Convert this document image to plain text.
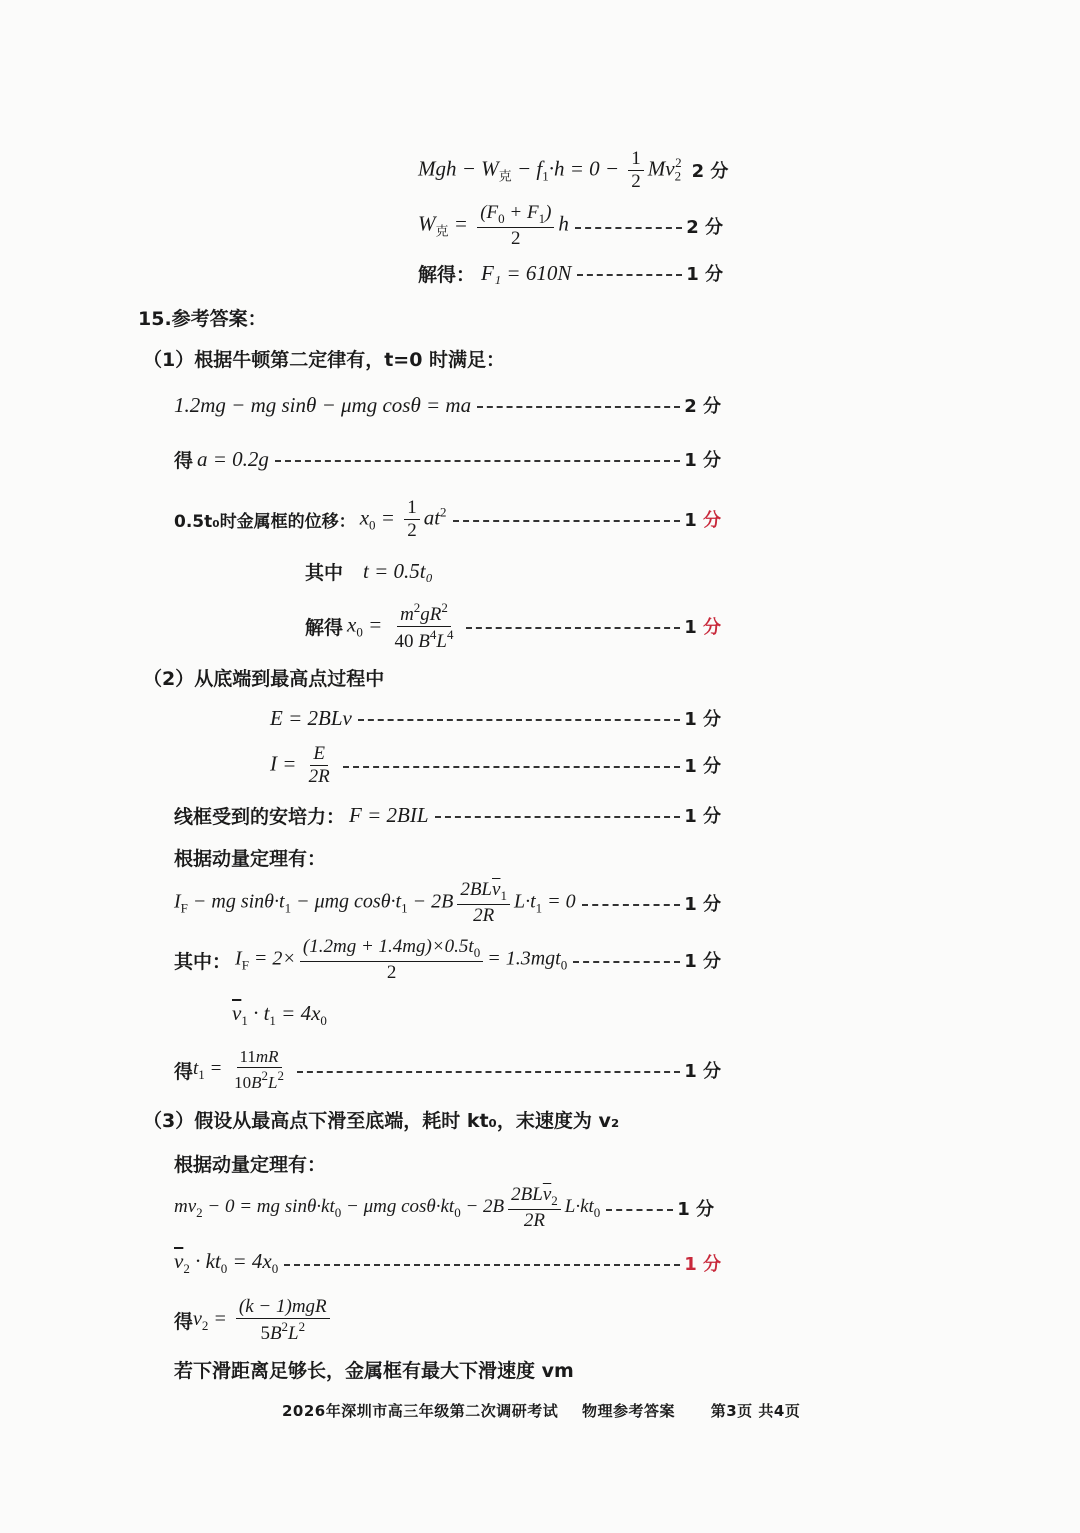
Mgh − $W_克 - f_1\cdot h = 0 - \frac{1}{2} Mv_2^2$ 2 分
$W_克 = \frac{(F_0 + F_1)}{2}$ h	2 分
解得： F₁ = 610N	1 分
15.参考答案：
（1）根据牛顿第二定律有，t=0 时满足：
1.2mg − mg sinθ − μmg cosθ = ma	2 分
得 a = 0.2g	1 分
0.5t₀时金属框的位移： $x_0 = \frac{1}{2} at^2$	1 分
其中 t = 0.5t₀
解得 $x_0 = \frac{m^2gR^2}{40 B^4L^4}$	1 分
（2）从底端到最高点过程中
E = 2BLv	1 分
$I = \frac{E}{2R}$	1 分
线框受到的安培力： F = 2BIL	1 分
根据动量定理有：
$I_F$ − mg $\sin\theta\cdot t_1 - \mu mg$ $\cos\theta\cdot t_1 - 2B \frac{2BL\overline{v}_1}{2R} L\cdot t_1 = 0$	1 分
其中： $I_F = 2\times \frac{(1.2mg + 1.4mg)\times 0.5t_0}{2} = 1.3mgt_0$	1 分
$\overline{v}_1 \cdot t_1 = 4x_0$
得 $t_1 = \frac{11mR}{10B^2L^2}$	1 分
（3）假设从最高点下滑至底端，耗时 kt₀，末速度为 v₂
根据动量定理有：
$mv_2 - 0$ = mg $\sin\theta\cdot kt_0 - \mu mg$ $\cos\theta\cdot kt_0 - 2B \frac{2BL\overline{v}_2}{2R} L\cdot kt_0$	1 分
$\overline{v}_2 \cdot kt_0 = 4x_0$	1 分
得 $v_2 = \frac{\text{(k − 1)mgR}}{5B^2L^2}$
若下滑距离足够长，金属框有最大下滑速度 vm
2026年深圳市高三年级第二次调研考试 物理参考答案 第3页 共4页
